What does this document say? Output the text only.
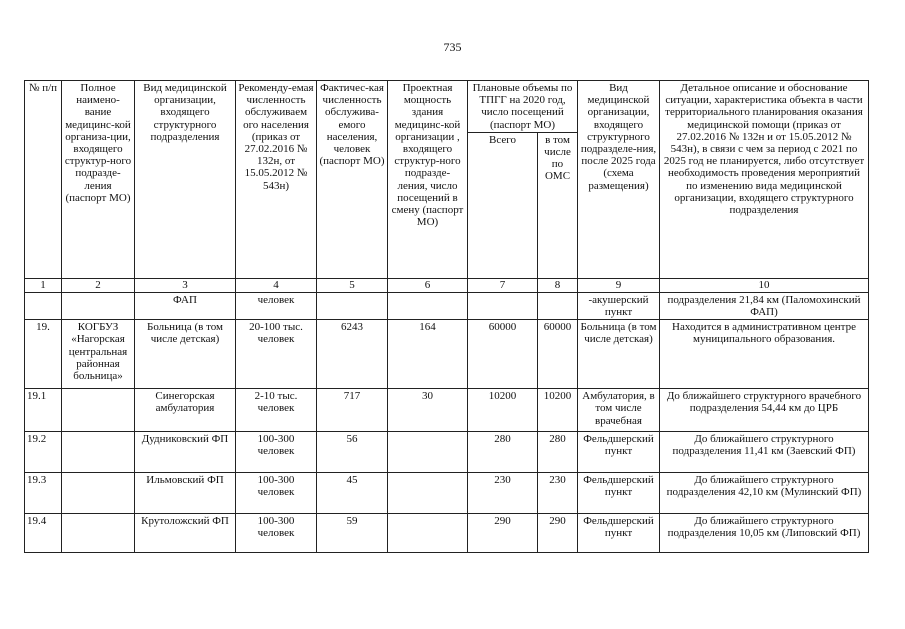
735
№ п/п	Полное наимено-вание медицинс-кой организа-ции, входящего структур-ного подразде-ления (паспорт МО)	Вид медицинской организации, входящего структурного подразделения	Рекоменду-емая численность обслуживаем ого населения (приказ от 27.02.2016 № 132н, от 15.05.2012 № 543н)	Фактичес-кая численность обслужива-емого населения, человек (паспорт МО)	Проектная мощность здания медицинс-кой организации , входящего структур-ного подразде-ления, число посещений в смену (паспорт МО)	Плановые объемы по ТПГГ на 2020 год, число посещений (паспорт МО)		Вид медицинской организации, входящего структурного подразделе-ния, после 2025 года (схема размещения)	Детальное описание и обоснование ситуации, характеристика объекта в части территориального планирования оказания медицинской помощи (приказ от 27.02.2016 № 132н и от 15.05.2012 № 543н), в связи с чем за период с 2021 по 2025 год не планируется, либо отсутствует необходимость проведения мероприятий по изменению вида медицинской организации, входящего структурного подразделения
						Всего	в том числе по ОМС		
1	2	3	4	5	6	7	8	9	10
		ФАП	человек					-акушерский пункт	подразделения 21,84 км (Паломохинский ФАП)
19.	КОГБУЗ «Нагорская центральная районная больница»	Больница (в том числе детская)	20-100 тыс. человек	6243	164	60000	60000	Больница (в том числе детская)	Находится в административном центре муниципального образования.
19.1		Синегорская амбулатория	2-10 тыс. человек	717	30	10200	10200	Амбулатория, в том числе врачебная	До ближайшего структурного врачебного подразделения 54,44 км до ЦРБ
19.2		Дудниковский ФП	100-300 человек	56		280	280	Фельдшерский пункт	До ближайшего структурного подразделения 11,41 км (Заевский ФП)
19.3		Ильмовский ФП	100-300 человек	45		230	230	Фельдшерский пункт	До ближайшего структурного подразделения 42,10 км (Мулинский ФП)
19.4		Крутоложский ФП	100-300 человек	59		290	290	Фельдшерский пункт	До ближайшего структурного подразделения 10,05 км (Липовский ФП)
